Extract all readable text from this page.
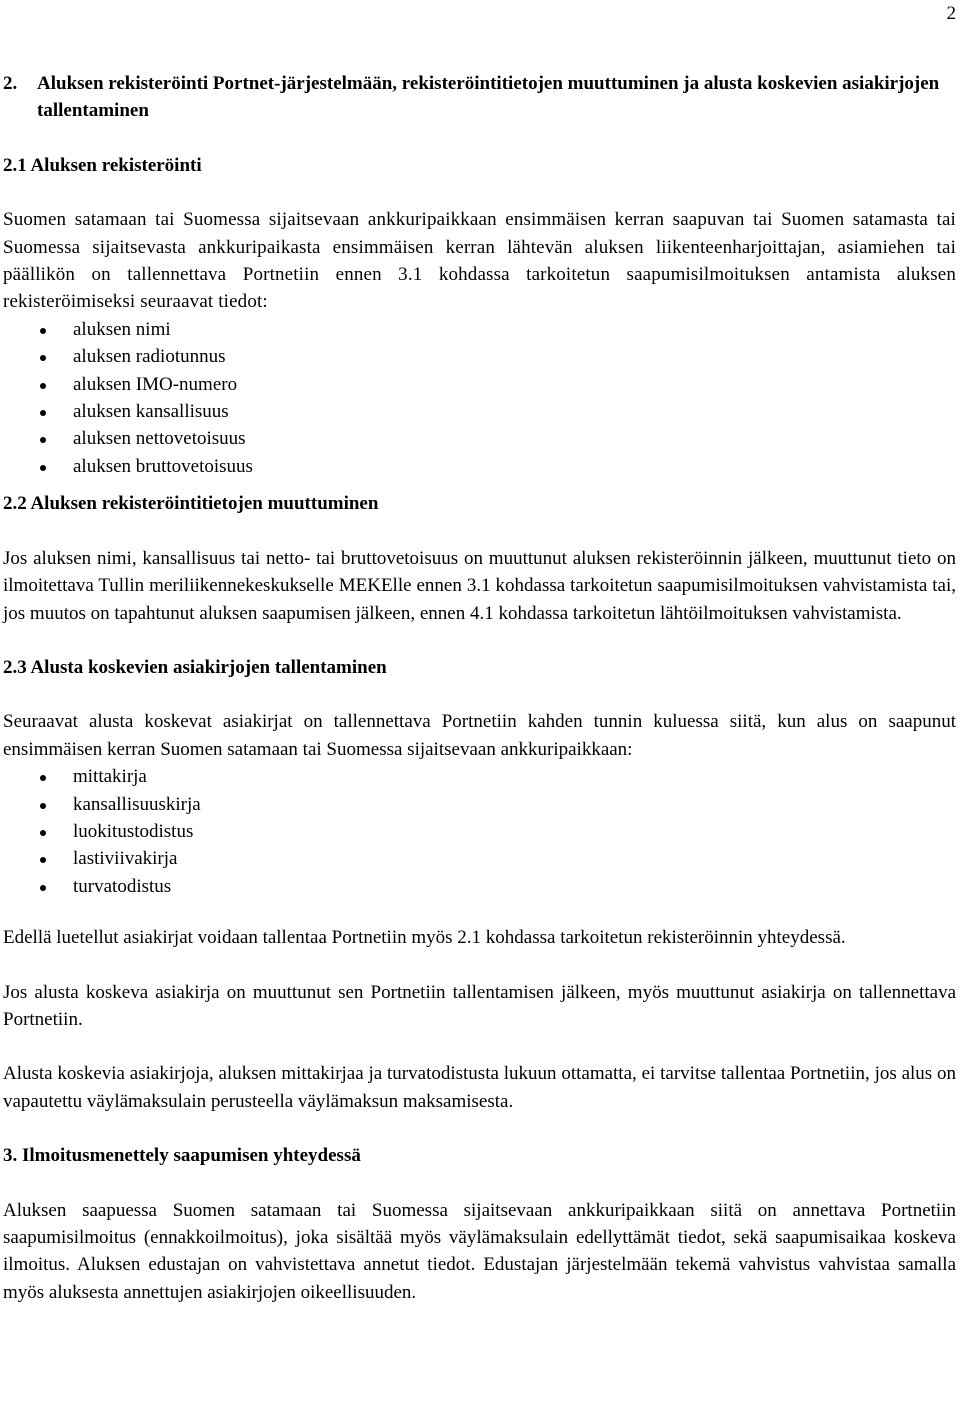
2
2.	Aluksen rekisteröinti Portnet-järjestelmään, rekisteröintitietojen muuttuminen ja alusta koskevien asiakirjojen tallentaminen
2.1 Aluksen rekisteröinti

Suomen satamaan tai Suomessa sijaitsevaan ankkuripaikkaan ensimmäisen kerran saapuvan tai Suomen satamasta tai Suomessa sijaitsevasta ankkuripaikasta ensimmäisen kerran lähtevän aluksen liikenteenharjoittajan, asiamiehen tai päällikön on tallennettava Portnetiin ennen 3.1 kohdassa tarkoitetun saapumisilmoituksen antamista aluksen rekisteröimiseksi seuraavat tiedot:

aluksen nimi
aluksen radiotunnus
aluksen IMO-numero
aluksen kansallisuus
aluksen nettovetoisuus
aluksen bruttovetoisuus
2.2 Aluksen rekisteröintitietojen muuttuminen

Jos aluksen nimi, kansallisuus tai netto- tai bruttovetoisuus on muuttunut aluksen rekisteröinnin jälkeen, muuttunut tieto on ilmoitettava Tullin meriliikennekeskukselle MEKElle ennen 3.1 kohdassa tarkoitetun saapumisilmoituksen vahvistamista tai, jos muutos on tapahtunut aluksen saapumisen jälkeen, ennen 4.1 kohdassa tarkoitetun lähtöilmoituksen vahvistamista.

2.3 Alusta koskevien asiakirjojen tallentaminen

Seuraavat alusta koskevat asiakirjat on tallennettava Portnetiin kahden tunnin kuluessa siitä, kun alus on saapunut ensimmäisen kerran Suomen satamaan tai Suomessa sijaitsevaan ankkuripaikkaan:

mittakirja
kansallisuuskirja
luokitustodistus
lastiviivakirja
turvatodistus

Edellä luetellut asiakirjat voidaan tallentaa Portnetiin myös 2.1 kohdassa tarkoitetun rekisteröinnin yhteydessä.

Jos alusta koskeva asiakirja on muuttunut sen Portnetiin tallentamisen jälkeen, myös muuttunut asiakirja on tallennettava Portnetiin.

Alusta koskevia asiakirjoja, aluksen mittakirjaa ja turvatodistusta lukuun ottamatta, ei tarvitse tallentaa Portnetiin, jos alus on vapautettu väylämaksulain perusteella väylämaksun maksamisesta.

3. Ilmoitusmenettely saapumisen yhteydessä

Aluksen saapuessa Suomen satamaan tai Suomessa sijaitsevaan ankkuripaikkaan siitä on annettava Portnetiin saapumisilmoitus (ennakkoilmoitus), joka sisältää myös väylämaksulain edellyttämät tiedot, sekä saapumisaikaa koskeva ilmoitus. Aluksen edustajan on vahvistettava annetut tiedot. Edustajan järjestelmään tekemä vahvistus vahvistaa samalla myös aluksesta annettujen asiakirjojen oikeellisuuden.
